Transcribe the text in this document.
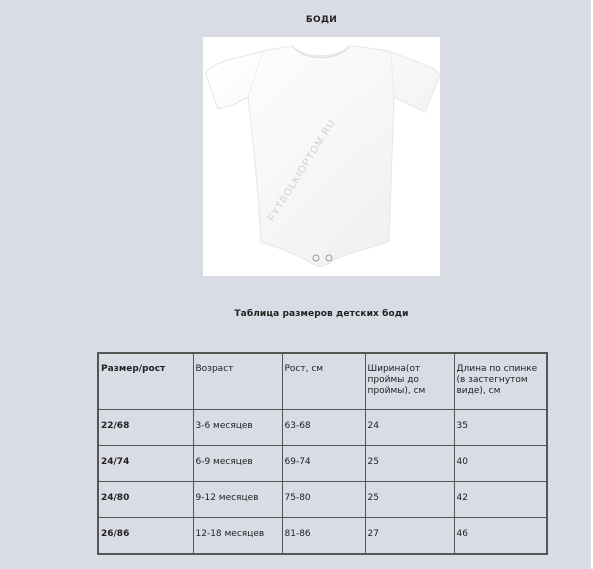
БОДИ
FYTBOLKIOPTOM.RU
Таблица размеров детских боди
Размер/рост	Возраст	Рост, см	Ширина(от проймы до проймы), см	Длина по спинке (в застегнутом виде), см
22/68	3-6 месяцев	63-68	24	35
24/74	6-9 месяцев	69-74	25	40
24/80	9-12 месяцев	75-80	25	42
26/86	12-18 месяцев	81-86	27	46
